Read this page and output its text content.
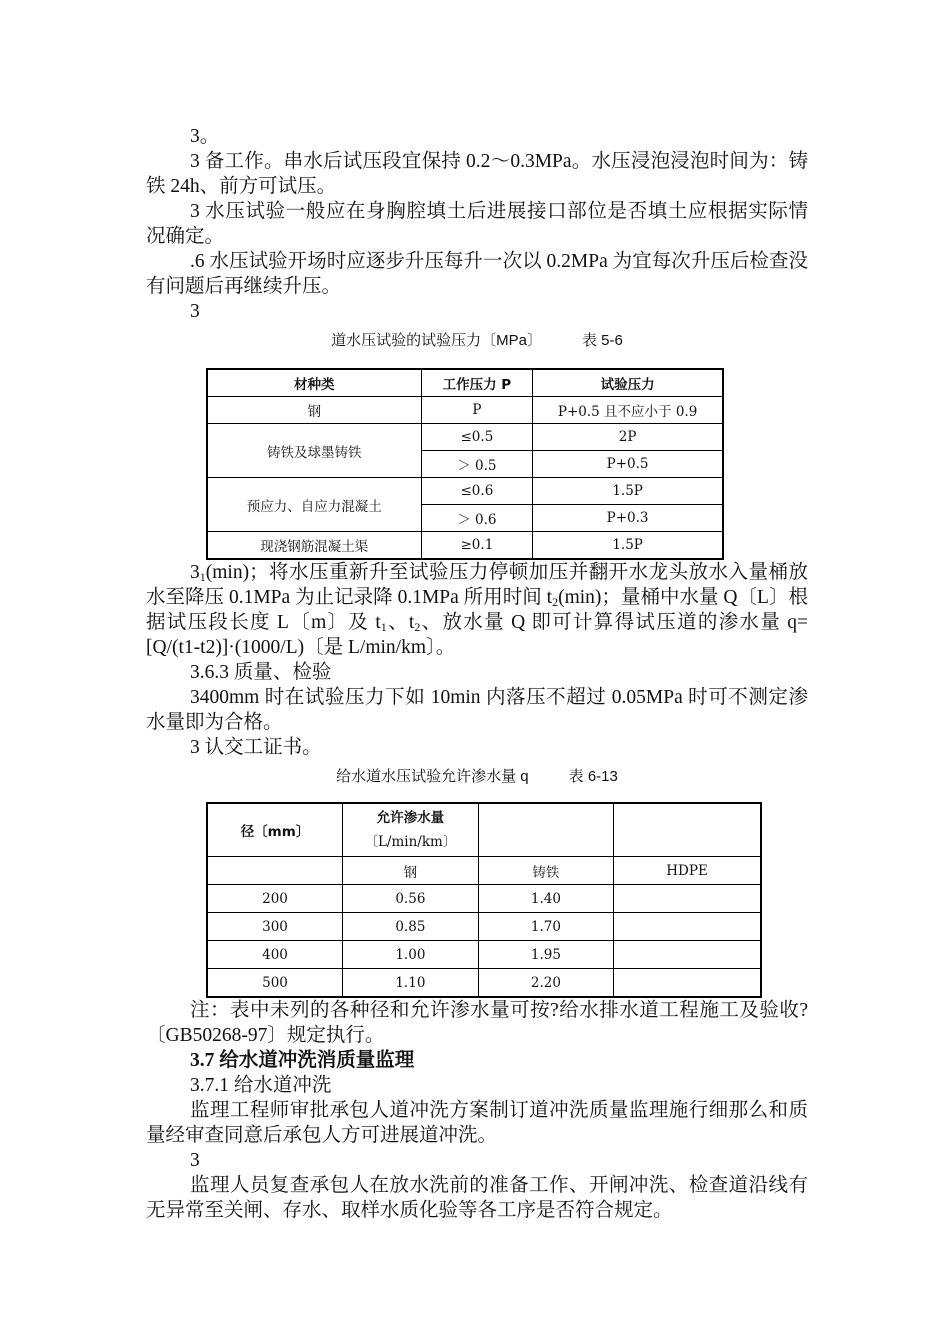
3。

3 备工作。串水后试压段宜保持 0.2～0.3MPa。水压浸泡浸泡时间为：铸铁 24h、前方可试压。

3 水压试验一般应在身胸腔填土后进展接口部位是否填土应根据实际情况确定。

.6 水压试验开场时应逐步升压每升一次以 0.2MPa 为宜每次升压后检查没有问题后再继续升压。

3

道水压试验的试验压力〔MPa〕	表 5-6
材种类	工作压力 P	试验压力
钢	P	P+0.5 且不应小于 0.9
铸铁及球墨铸铁	≤0.5	2P
	＞ 0.5	P+0.5
预应力、自应力混凝土	≤0.6	1.5P
	＞ 0.6	P+0.3
现浇钢筋混凝土渠	≥0.1	1.5P

$3_1(\min)$；将水压重新升至试验压力停顿加压并翻开水龙头放水入量桶放水至降压 0.1MPa 为止记录降 0.1MPa 所用时间 $t_2(\min)$；量桶中水量 Q〔L〕根据试压段长度 L〔m〕及 $t_1$、$t_2$、放水量 Q 即可计算得试压道的渗水量 q=[Q/(t1-t2)]·(1000/L)〔是 L/min/km〕。

3.6.3 质量、检验

3400mm 时在试验压力下如 10min 内落压不超过 0.05MPa 时可不测定渗水量即为合格。

3 认交工证书。

给水道水压试验允许渗水量 q	表 6-13
径〔mm〕	允许渗水量
〔L/min/km〕		
	钢	铸铁	HDPE
200	0.56	1.40	
300	0.85	1.70	
400	1.00	1.95	
500	1.10	2.20	

注：表中未列的各种径和允许渗水量可按?给水排水道工程施工及验收?〔GB50268-97〕规定执行。

3.7 给水道冲洗消质量监理

3.7.1 给水道冲洗

监理工程师审批承包人道冲洗方案制订道冲洗质量监理施行细那么和质量经审查同意后承包人方可进展道冲洗。

3

监理人员复查承包人在放水洗前的准备工作、开闸冲洗、检查道沿线有无异常至关闸、存水、取样水质化验等各工序是否符合规定。
